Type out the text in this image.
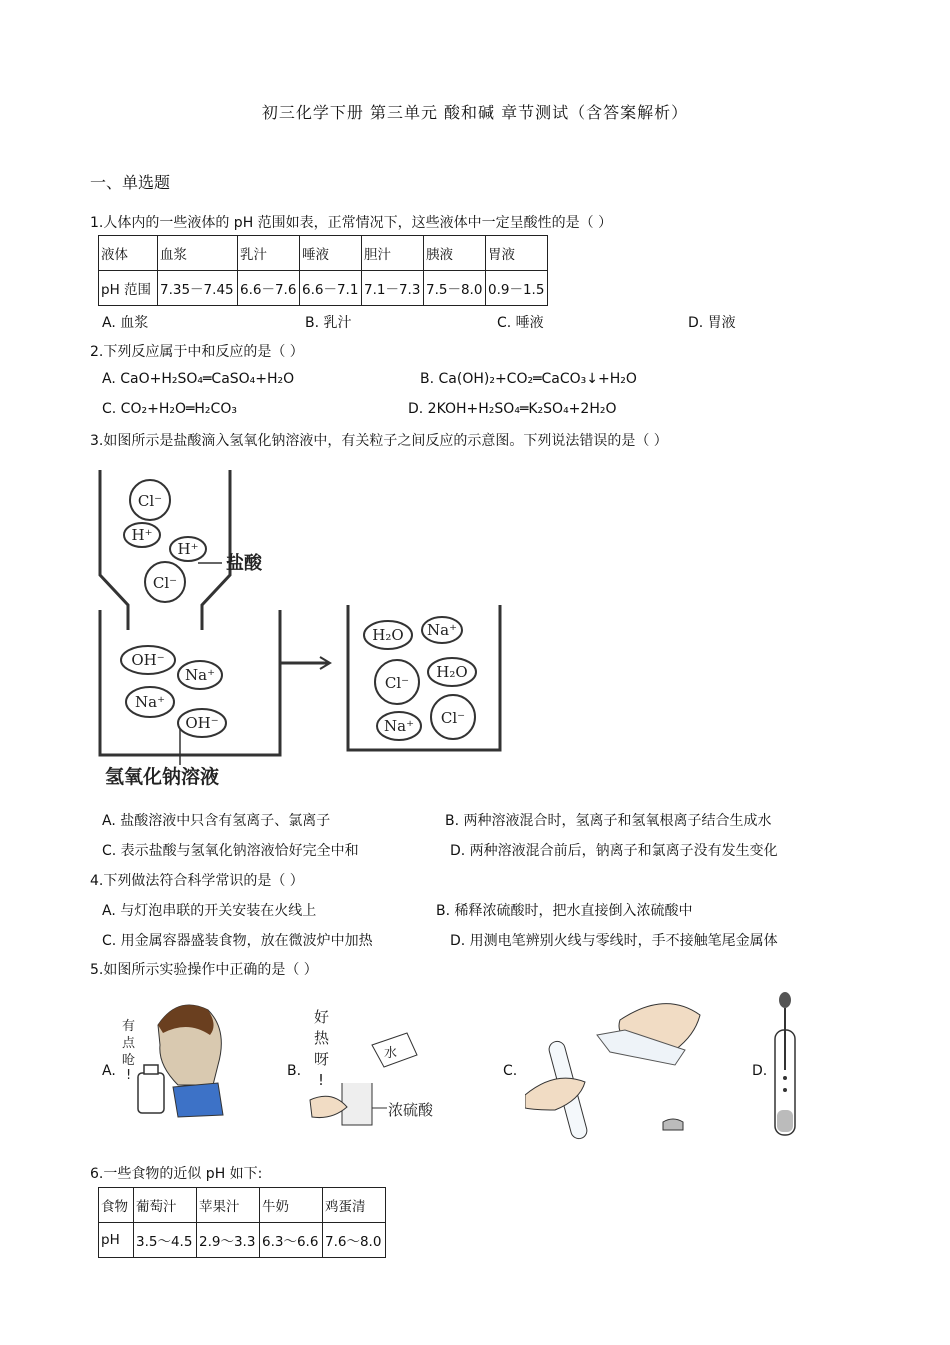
初三化学下册 第三单元 酸和碱 章节测试（含答案解析）
一、单选题
1.人体内的一些液体的 pH 范围如表，正常情况下，这些液体中一定呈酸性的是（ ）
液体	血浆	乳汁	唾液	胆汁	胰液	胃液
pH 范围	7.35－7.45	6.6－7.6	6.6－7.1	7.1－7.3	7.5－8.0	0.9－1.5
A. 血浆	B. 乳汁	C. 唾液	D. 胃液
2.下列反应属于中和反应的是（ ）
A. CaO+H₂SO₄═CaSO₄+H₂O	B. Ca(OH)₂+CO₂═CaCO₃↓+H₂O
C. CO₂+H₂O═H₂CO₃	D. 2KOH+H₂SO₄═K₂SO₄+2H₂O
3.如图所示是盐酸滴入氢氧化钠溶液中，有关粒子之间反应的示意图。下列说法错误的是（ ）
Cl⁻
H⁺
H⁺
Cl⁻
OH⁻
Na⁺
Na⁺
OH⁻
H₂O Na⁺
Cl⁻
H₂O
Na⁺ Cl⁻
盐酸
氢氧化钠溶液
A. 盐酸溶液中只含有氢离子、氯离子	B. 两种溶液混合时，氢离子和氢氧根离子结合生成水
C. 表示盐酸与氢氧化钠溶液恰好完全中和	D. 两种溶液混合前后，钠离子和氯离子没有发生变化
4.下列做法符合科学常识的是（ ）
A. 与灯泡串联的开关安装在火线上	B. 稀释浓硫酸时，把水直接倒入浓硫酸中
C. 用金属容器盛装食物，放在微波炉中加热	D. 用测电笔辨别火线与零线时，手不接触笔尾金属体
5.如图所示实验操作中正确的是（ ）
A.
有
点
呛
!	B.
好
热
呀
!
水
浓硫酸
C.	D.
6.一些食物的近似 pH 如下:
食物	葡萄汁	苹果汁	牛奶	鸡蛋清
pH	3.5～4.5	2.9～3.3	6.3～6.6	7.6～8.0
